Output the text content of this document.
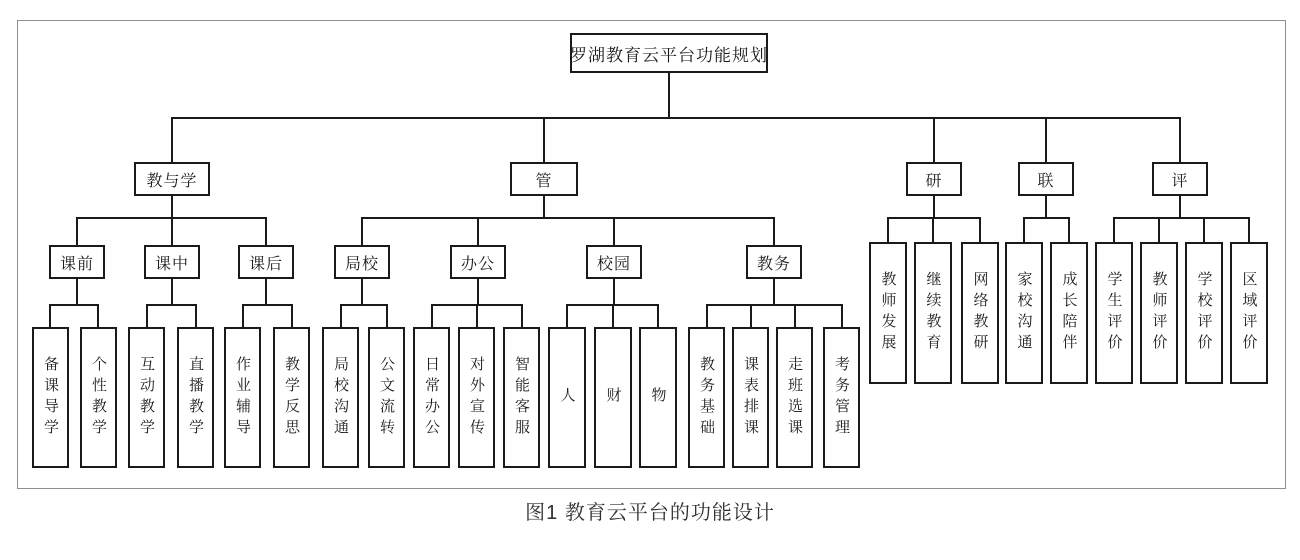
罗湖教育云平台功能规划
教与学	管	研	联	评
课前	课中	课后	局校	办公	校园	教务
备课导学	个性教学	互动教学	直播教学	作业辅导	教学反思	局校沟通	公文流转	日常办公	对外宣传	智能客服	人	财	物	教务基础	课表排课	走班选课	考务管理
教师发展	继续教育	网络教研	家校沟通	成长陪伴	学生评价	教师评价	学校评价	区域评价
图1 教育云平台的功能设计
